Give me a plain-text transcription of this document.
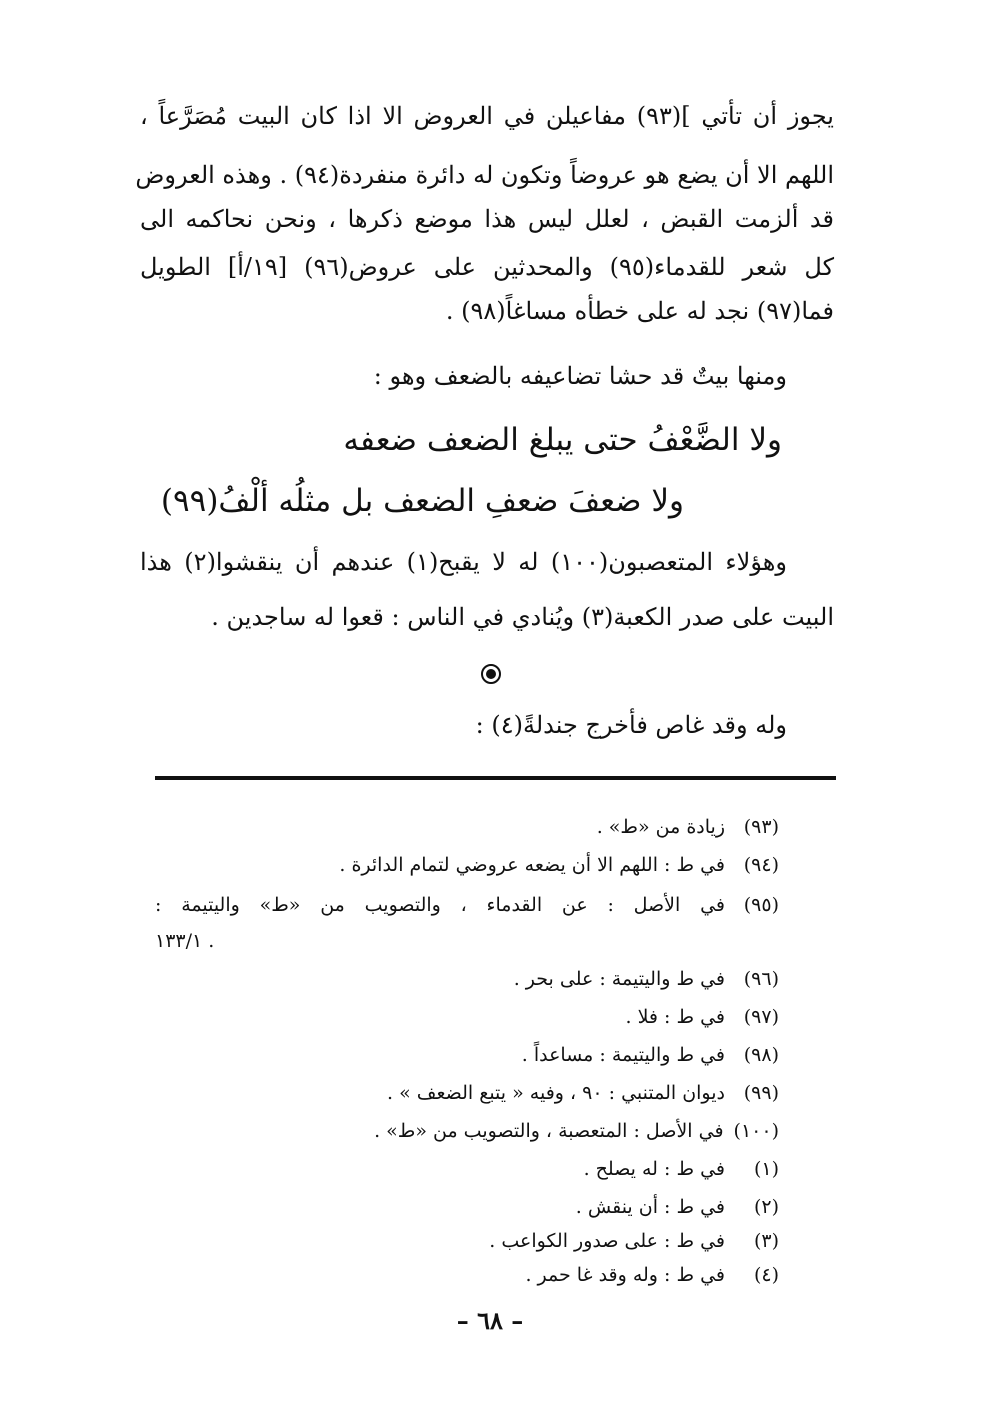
يجوز أن تأتي ](٩٣) مفاعيلن في العروض الا اذا كان البيت مُصَرَّعاً ،
اللهم الا أن يضع هو عروضاً وتكون له دائرة منفردة(٩٤) . وهذه العروض
قد ألزمت القبض ، لعلل ليس هذا موضع ذكرها ، ونحن نحاكمه الى
كل شعر للقدماء(٩٥) والمحدثين على عروض(٩٦) [١٩/أ] الطويل
فما(٩٧) نجد له على خطأه مساغاً(٩٨) .
ومنها بيتٌ قد حشا تضاعيفه بالضعف وهو :
ولا الضَّعْفُ حتى يبلغ الضعف ضعفه
ولا ضعفَ ضعفِ الضعف بل مثلُه ألْفُ(٩٩)
وهؤلاء المتعصبون(١٠٠) له لا يقبح(١) عندهم أن ينقشوا(٢) هذا
البيت على صدر الكعبة(٣) ويُنادي في الناس : قعوا له ساجدين .
وله وقد غاص فأخرج جندلةً(٤) :
(٩٣)زيادة من «ط» .
(٩٤)في ط : اللهم الا أن يضعه عروضي لتمام الدائرة .
(٩٥)في الأصل : عن القدماء ، والتصويب من «ط» واليتيمة :
. ١٣٣/١
(٩٦)في ط واليتيمة : على بحر .
(٩٧)في ط : فلا .
(٩٨)في ط واليتيمة : مساعداً .
(٩٩)ديوان المتنبي : ٩٠ ، وفيه « يتبع الضعف » .
(١٠٠)في الأصل : المتعصبة ، والتصويب من «ط» .
(١)في ط : له يصلح .
(٢)في ط : أن ينقش .
(٣)في ط : على صدور الكواعب .
(٤)في ط : وله وقد غا حمر .
– ٦٨ –
